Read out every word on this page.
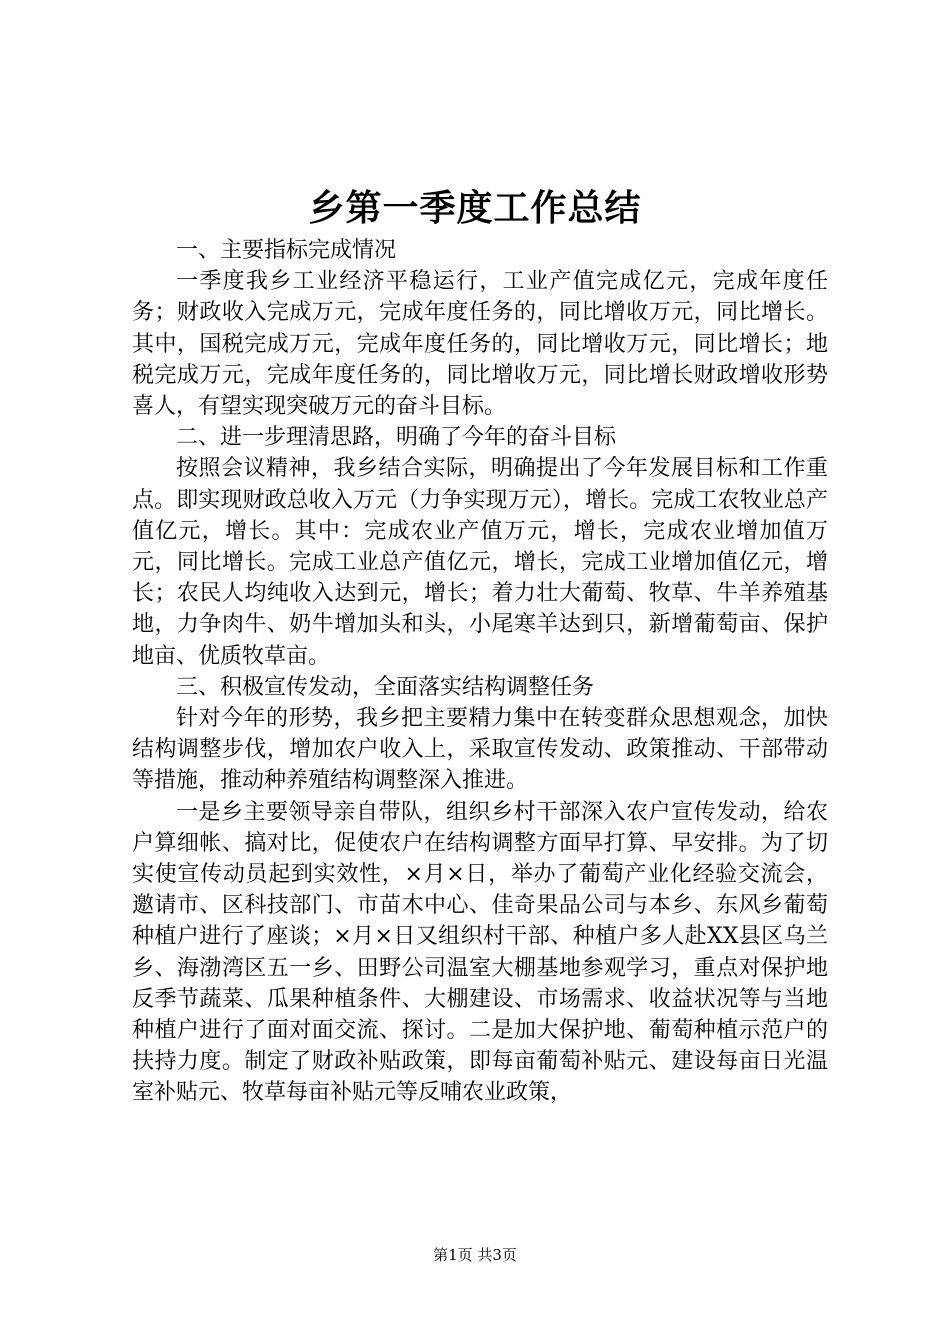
乡第一季度工作总结

一、主要指标完成情况

一季度我乡工业经济平稳运行，工业产值完成亿元，完成年度任务；财政收入完成万元，完成年度任务的，同比增收万元，同比增长。其中，国税完成万元，完成年度任务的，同比增收万元，同比增长；地税完成万元，完成年度任务的，同比增收万元，同比增长财政增收形势喜人，有望实现突破万元的奋斗目标。

二、进一步理清思路，明确了今年的奋斗目标

按照会议精神，我乡结合实际，明确提出了今年发展目标和工作重点。即实现财政总收入万元（力争实现万元），增长。完成工农牧业总产值亿元，增长。其中：完成农业产值万元，增长，完成农业增加值万元，同比增长。完成工业总产值亿元，增长，完成工业增加值亿元，增长；农民人均纯收入达到元，增长；着力壮大葡萄、牧草、牛羊养殖基地，力争肉牛、奶牛增加头和头，小尾寒羊达到只，新增葡萄亩、保护地亩、优质牧草亩。

三、积极宣传发动，全面落实结构调整任务

针对今年的形势，我乡把主要精力集中在转变群众思想观念，加快结构调整步伐，增加农户收入上，采取宣传发动、政策推动、干部带动等措施，推动种养殖结构调整深入推进。

一是乡主要领导亲自带队，组织乡村干部深入农户宣传发动，给农户算细帐、搞对比，促使农户在结构调整方面早打算、早安排。为了切实使宣传动员起到实效性，×月×日，举办了葡萄产业化经验交流会，邀请市、区科技部门、市苗木中心、佳奇果品公司与本乡、东风乡葡萄种植户进行了座谈；×月×日又组织村干部、种植户多人赴XX县区乌兰乡、海渤湾区五一乡、田野公司温室大棚基地参观学习，重点对保护地反季节蔬菜、瓜果种植条件、大棚建设、市场需求、收益状况等与当地种植户进行了面对面交流、探讨。二是加大保护地、葡萄种植示范户的扶持力度。制定了财政补贴政策，即每亩葡萄补贴元、建设每亩日光温室补贴元、牧草每亩补贴元等反哺农业政策，

第1页 共3页
